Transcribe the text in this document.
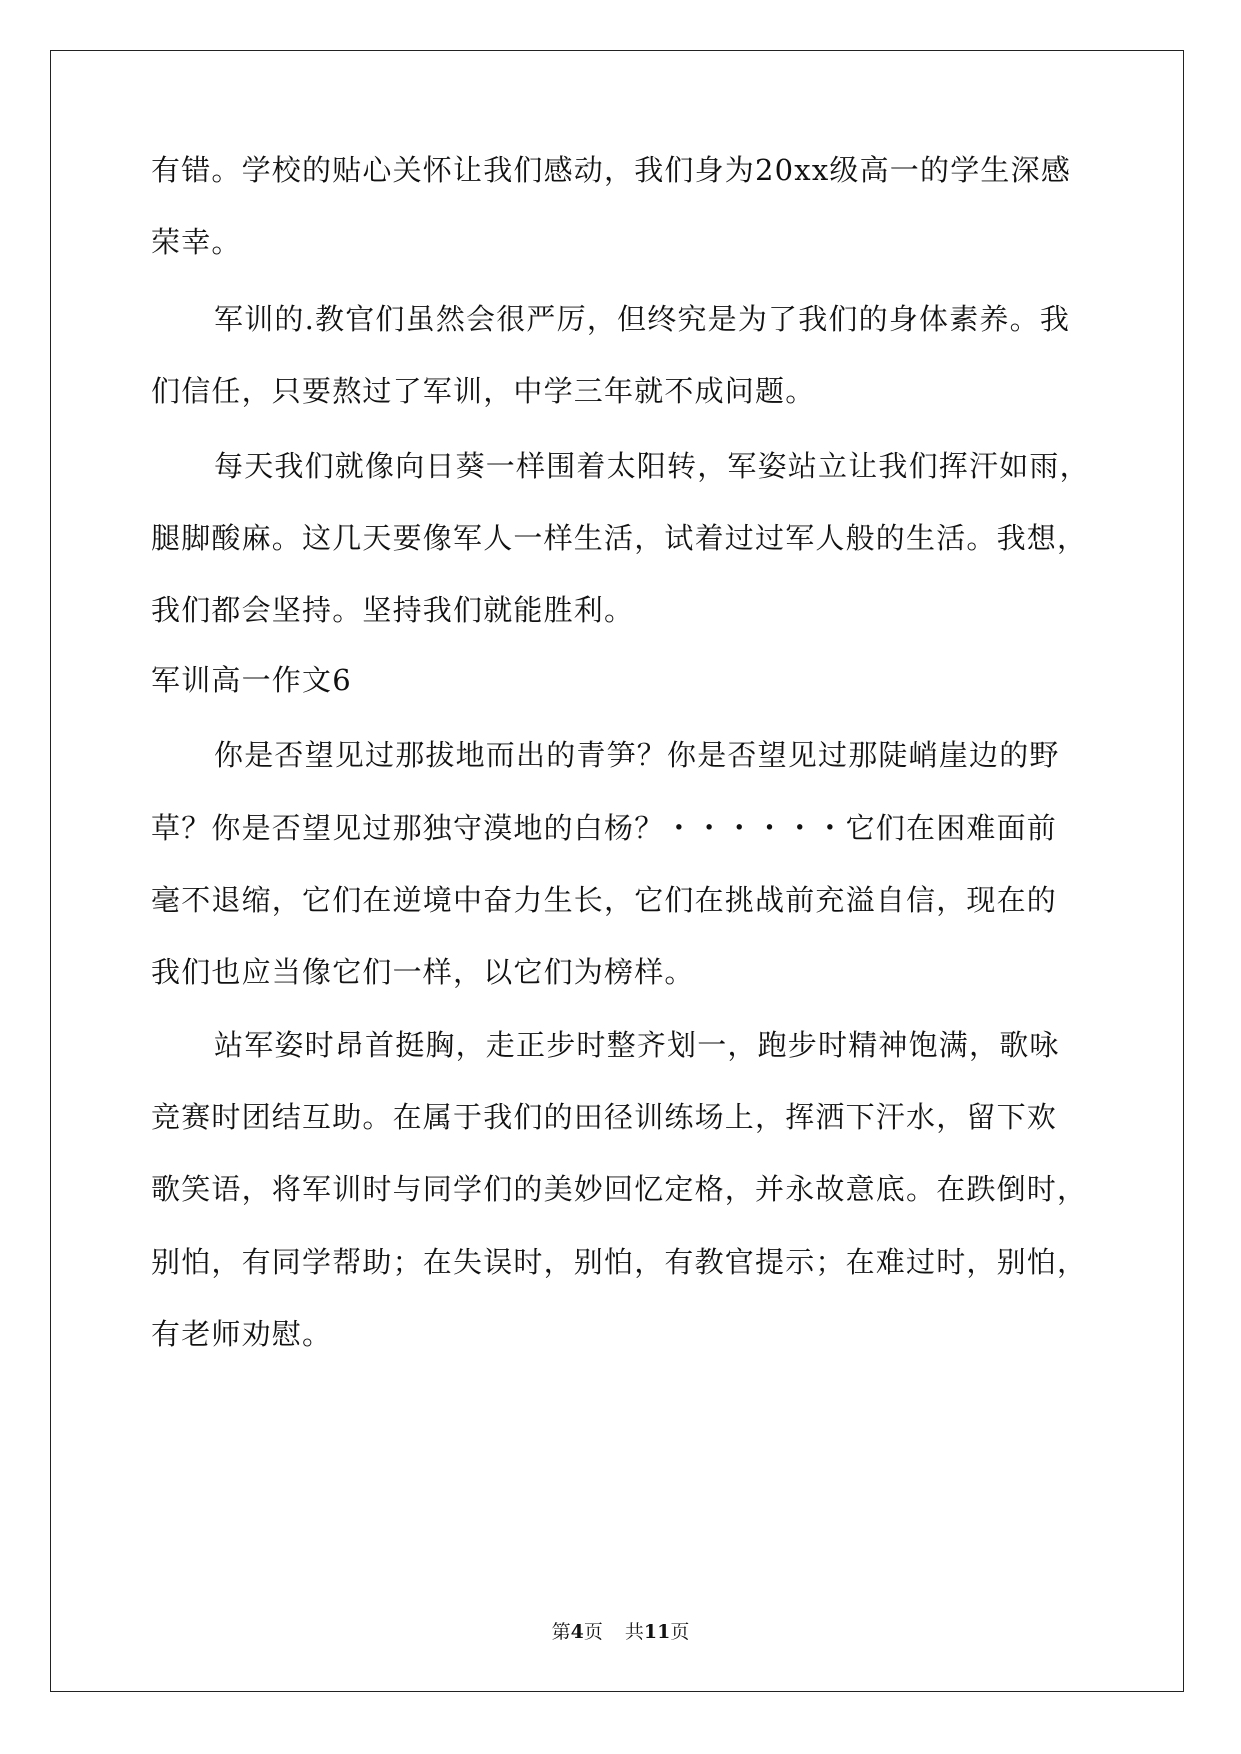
有错。学校的贴心关怀让我们感动，我们身为20xx级高一的学生深感
荣幸。
军训的.教官们虽然会很严厉，但终究是为了我们的身体素养。我
们信任，只要熬过了军训，中学三年就不成问题。
每天我们就像向日葵一样围着太阳转，军姿站立让我们挥汗如雨，
腿脚酸麻。这几天要像军人一样生活，试着过过军人般的生活。我想，
我们都会坚持。坚持我们就能胜利。
军训高一作文6
你是否望见过那拔地而出的青笋？你是否望见过那陡峭崖边的野
草？你是否望见过那独守漠地的白杨？・・・・・・它们在困难面前
毫不退缩，它们在逆境中奋力生长，它们在挑战前充溢自信，现在的
我们也应当像它们一样，以它们为榜样。
站军姿时昂首挺胸，走正步时整齐划一，跑步时精神饱满，歌咏
竞赛时团结互助。在属于我们的田径训练场上，挥洒下汗水，留下欢
歌笑语，将军训时与同学们的美妙回忆定格，并永故意底。在跌倒时，
别怕，有同学帮助；在失误时，别怕，有教官提示；在难过时，别怕，
有老师劝慰。
第4页 共11页
